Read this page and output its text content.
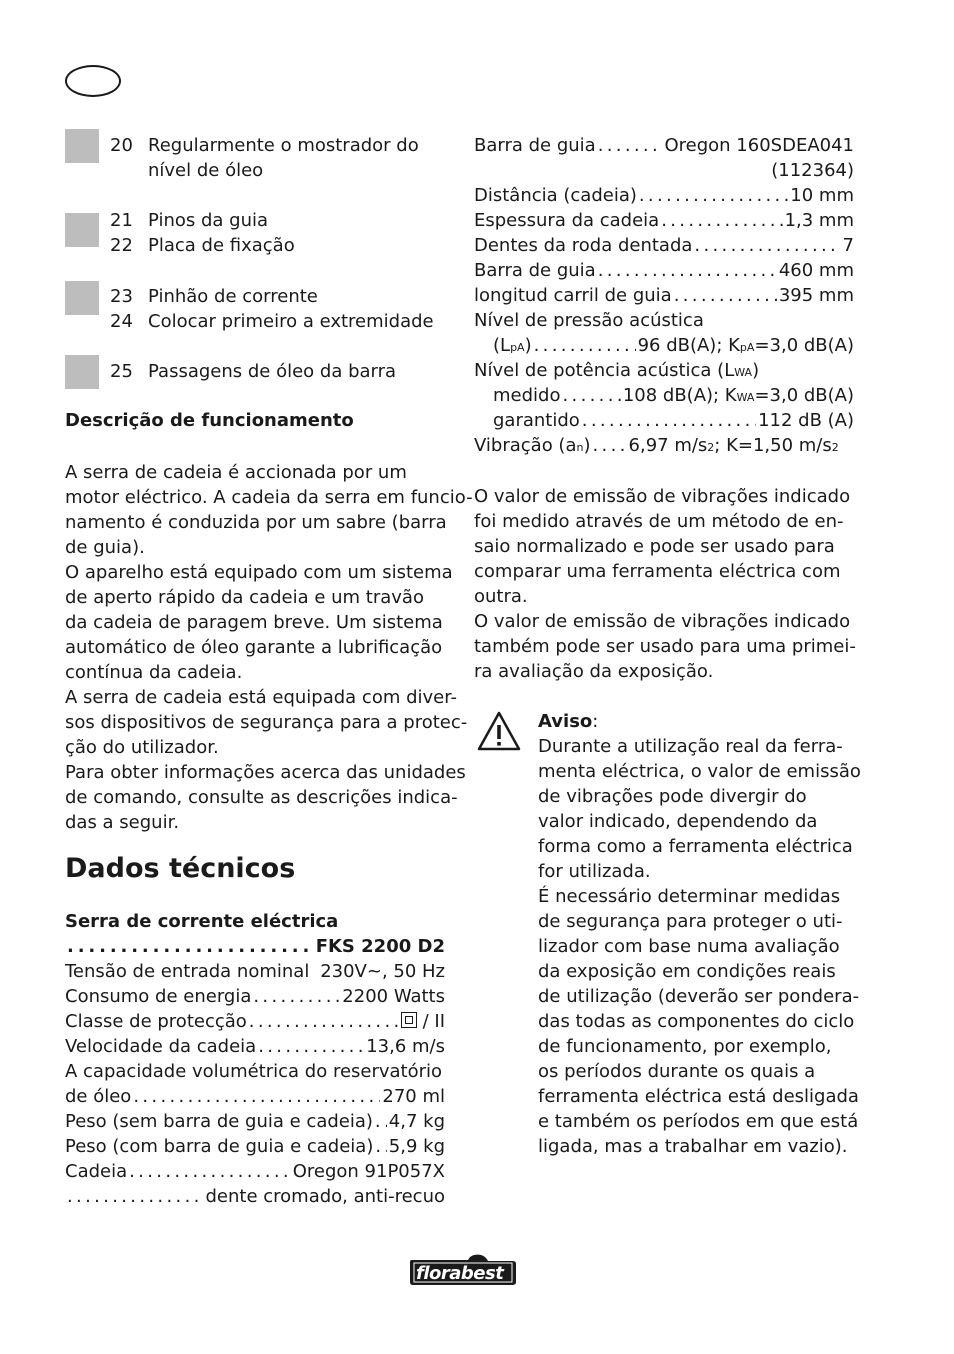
20 Regularmente o mostrador do
nível de óleo
21 Pinos da guia
22 Placa de fixação
23 Pinhão de corrente
24 Colocar primeiro a extremidade
25 Passagens de óleo da barra
Descrição de funcionamento
A serra de cadeia é accionada por um
motor eléctrico. A cadeia da serra em funcio-
namento é conduzida por um sabre (barra
de guia).
O aparelho está equipado com um sistema
de aperto rápido da cadeia e um travão
da cadeia de paragem breve. Um sistema
automático de óleo garante a lubrificação
contínua da cadeia.
A serra de cadeia está equipada com diver-
sos dispositivos de segurança para a protec-
ção do utilizador.
Para obter informações acerca das unidades
de comando, consulte as descrições indica-
das a seguir.
Dados técnicos
Serra de corrente eléctrica
. . .
FKS 2200 D2
Tensão de entrada nominal 230V~, 50 Hz
Consumo de energia . . .	2200 Watts
Classe de protecção . . .	/ II
Velocidade da cadeia . . .	13,6 m/s
A capacidade volumétrica do reservatório
de óleo . . .	270 ml
Peso (sem barra de guia e cadeia) . . . 4,7 kg
Peso (com barra de guia e cadeia) . . . 5,9 kg
Cadeia . . .	Oregon 91P057X
. . .
dente cromado, anti-recuo
Barra de guia . . .	Oregon 160SDEA041
(112364)
Distância (cadeia) . . .	10 mm
Espessura da cadeia . . .	1,3 mm
Dentes da roda dentada . . .	7
Barra de guia . . .	460 mm
longitud carril de guia . . .	395 mm
Nível de pressão acústica
(L pA ) . . .	96 dB(A); K pA =3,0 dB(A)
Nível de potência acústica (L WA )
medido . . .	108 dB(A); K WA =3,0 dB(A)
garantido . . .	112 dB (A)
Vibração (a n ) . . . 6,97 m/s 2 ; K=1,50 m/s 2
O valor de emissão de vibrações indicado
foi medido através de um método de en-
saio normalizado e pode ser usado para
comparar uma ferramenta eléctrica com
outra.
O valor de emissão de vibrações indicado
também pode ser usado para uma primei-
ra avaliação da exposição.
Aviso:
Durante a utilização real da ferra-
menta eléctrica, o valor de emissão
de vibrações pode divergir do
valor indicado, dependendo da
forma como a ferramenta eléctrica
for utilizada.
É necessário determinar medidas
de segurança para proteger o uti-
lizador com base numa avaliação
da exposição em condições reais
de utilização (deverão ser pondera-
das todas as componentes do ciclo
de funcionamento, por exemplo,
os períodos durante os quais a
ferramenta eléctrica está desligada
e também os períodos em que está
ligada, mas a trabalhar em vazio).
florabest
